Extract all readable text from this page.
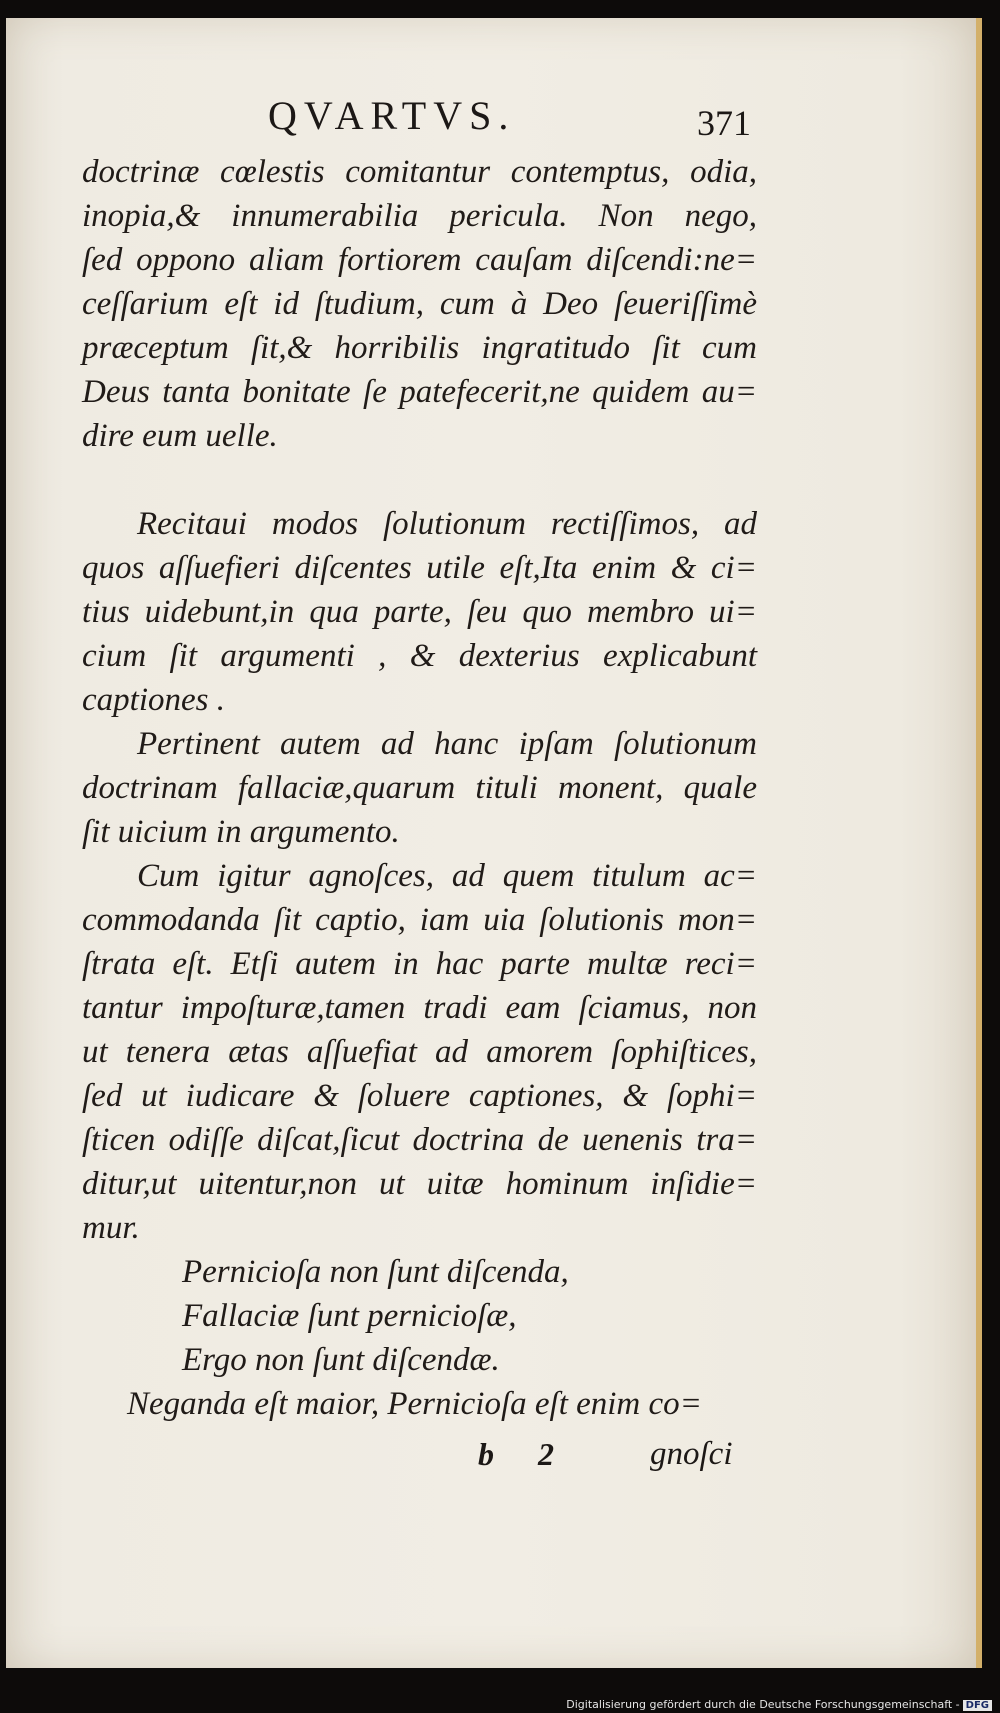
QVARTVS.	371
doctrinæ cœlestis comitantur contemptus, odia,
inopia,& innumerabilia pericula. Non nego,
ſed oppono aliam fortiorem cauſam diſcendi:ne=
ceſſarium eſt id ſtudium, cum à Deo ſeueriſſimè
præceptum ſit,& horribilis ingratitudo ſit cum
Deus tanta bonitate ſe patefecerit,ne quidem au=
dire eum uelle.
Recitaui modos ſolutionum rectiſſimos, ad
quos aſſuefieri diſcentes utile eſt,Ita enim & ci=
tius uidebunt,in qua parte, ſeu quo membro ui=
cium ſit argumenti , & dexterius explicabunt
captiones .
Pertinent autem ad hanc ipſam ſolutionum
doctrinam fallaciæ,quarum tituli monent, quale
ſit uicium in argumento.
Cum igitur agnoſces, ad quem titulum ac=
commodanda ſit captio, iam uia ſolutionis mon=
ſtrata eſt. Etſi autem in hac parte multæ reci=
tantur impoſturæ,tamen tradi eam ſciamus, non
ut tenera ætas aſſuefiat ad amorem ſophiſtices,
ſed ut iudicare & ſoluere captiones, & ſophi=
ſticen odiſſe diſcat,ſicut doctrina de uenenis tra=
ditur,ut uitentur,non ut uitæ hominum inſidie=
mur.
Pernicioſa non ſunt diſcenda,
Fallaciæ ſunt pernicioſæ,
Ergo non ſunt diſcendæ.
Neganda eſt maior, Pernicioſa eſt enim co=
b 2 gnoſci
Digitalisierung gefördert durch die Deutsche Forschungsgemeinschaft - DFG
